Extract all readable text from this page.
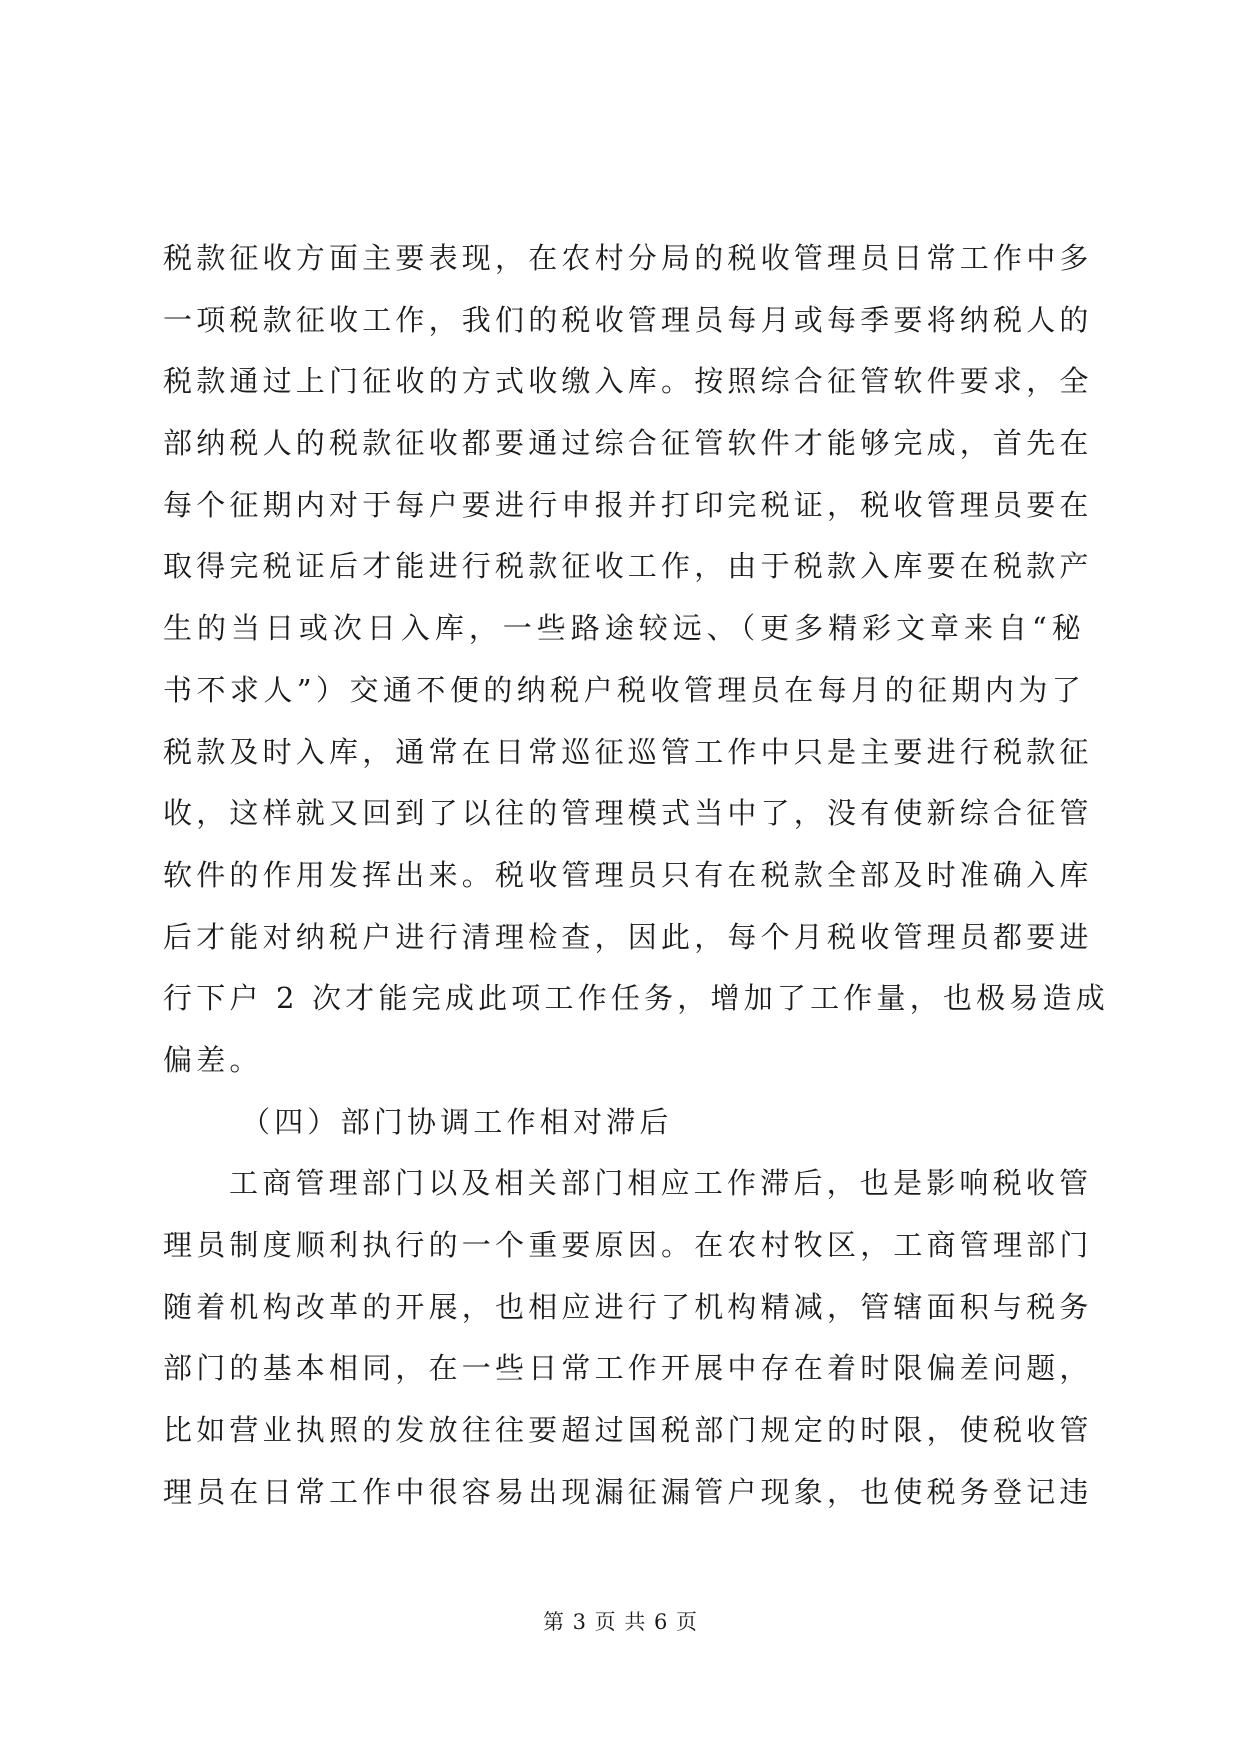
税款征收方面主要表现，在农村分局的税收管理员日常工作中多
一项税款征收工作，我们的税收管理员每月或每季要将纳税人的
税款通过上门征收的方式收缴入库。按照综合征管软件要求，全
部纳税人的税款征收都要通过综合征管软件才能够完成，首先在
每个征期内对于每户要进行申报并打印完税证，税收管理员要在
取得完税证后才能进行税款征收工作，由于税款入库要在税款产
生的当日或次日入库，一些路途较远、（更多精彩文章来自“秘
书不求人”）交通不便的纳税户税收管理员在每月的征期内为了
税款及时入库，通常在日常巡征巡管工作中只是主要进行税款征
收，这样就又回到了以往的管理模式当中了，没有使新综合征管
软件的作用发挥出来。税收管理员只有在税款全部及时准确入库
后才能对纳税户进行清理检查，因此，每个月税收管理员都要进
行下户 2 次才能完成此项工作任务，增加了工作量，也极易造成
偏差。
（四）部门协调工作相对滞后
工商管理部门以及相关部门相应工作滞后，也是影响税收管
理员制度顺利执行的一个重要原因。在农村牧区，工商管理部门
随着机构改革的开展，也相应进行了机构精减，管辖面积与税务
部门的基本相同，在一些日常工作开展中存在着时限偏差问题，
比如营业执照的发放往往要超过国税部门规定的时限，使税收管
理员在日常工作中很容易出现漏征漏管户现象，也使税务登记违
第 3 页 共 6 页
